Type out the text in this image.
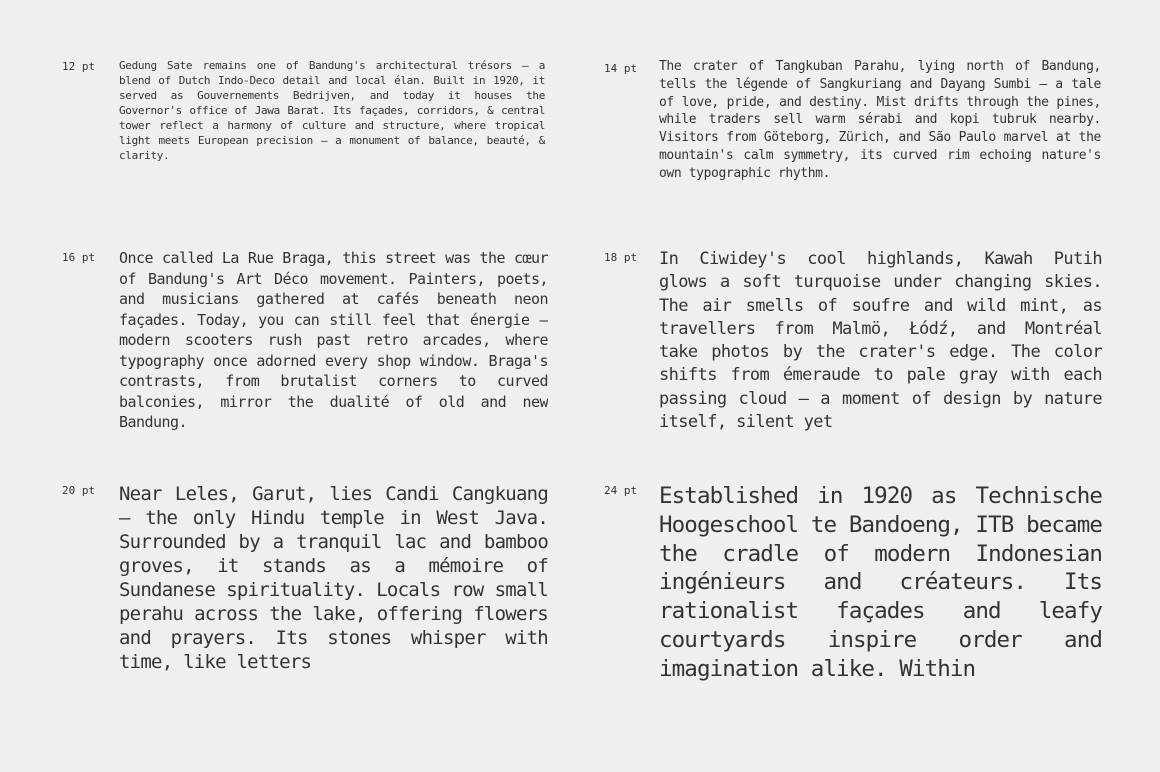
12 pt Gedung Sate remains one of Bandung's architectural trésors — a blend of Dutch Indo-Deco detail and local élan. Built in 1920, it served as Gouvernements Bedrijven, and today it houses the Governor's office of Jawa Barat. Its façades, corridors, & central tower reflect a harmony of culture and structure, where tropical light meets European precision — a monument of balance, beauté, & clarity.

14 pt The crater of Tangkuban Parahu, lying north of Bandung, tells the légende of Sangkuriang and Dayang Sumbi — a tale of love, pride, and destiny. Mist drifts through the pines, while traders sell warm sérabi and kopi tubruk nearby. Visitors from Göteborg, Zürich, and São Paulo marvel at the mountain's calm symmetry, its curved rim echoing nature's own typographic rhythm.

16 pt Once called La Rue Braga, this street was the cœur of Bandung's Art Déco movement. Painters, poets, and musicians gathered at cafés beneath neon façades. Today, you can still feel that énergie — modern scooters rush past retro arcades, where typography once adorned every shop window. Braga's contrasts, from brutalist corners to curved balconies, mirror the dualité of old and new Bandung.

18 pt In Ciwidey's cool highlands, Kawah Putih glows a soft turquoise under changing skies. The air smells of soufre and wild mint, as travellers from Malmö, Łódź, and Montréal take photos by the crater's edge. The color shifts from émeraude to pale gray with each passing cloud — a moment of design by nature itself, silent yet

20 pt Near Leles, Garut, lies Candi Cangkuang — the only Hindu temple in West Java. Surrounded by a tranquil lac and bamboo groves, it stands as a mémoire of Sundanese spirituality. Locals row small perahu across the lake, offering flowers and prayers. Its stones whisper with time, like letters

24 pt Established in 1920 as Technische Hoogeschool te Bandoeng, ITB became the cradle of modern Indonesian ingénieurs and créateurs. Its rationalist façades and leafy courtyards inspire order and imagination alike. Within
